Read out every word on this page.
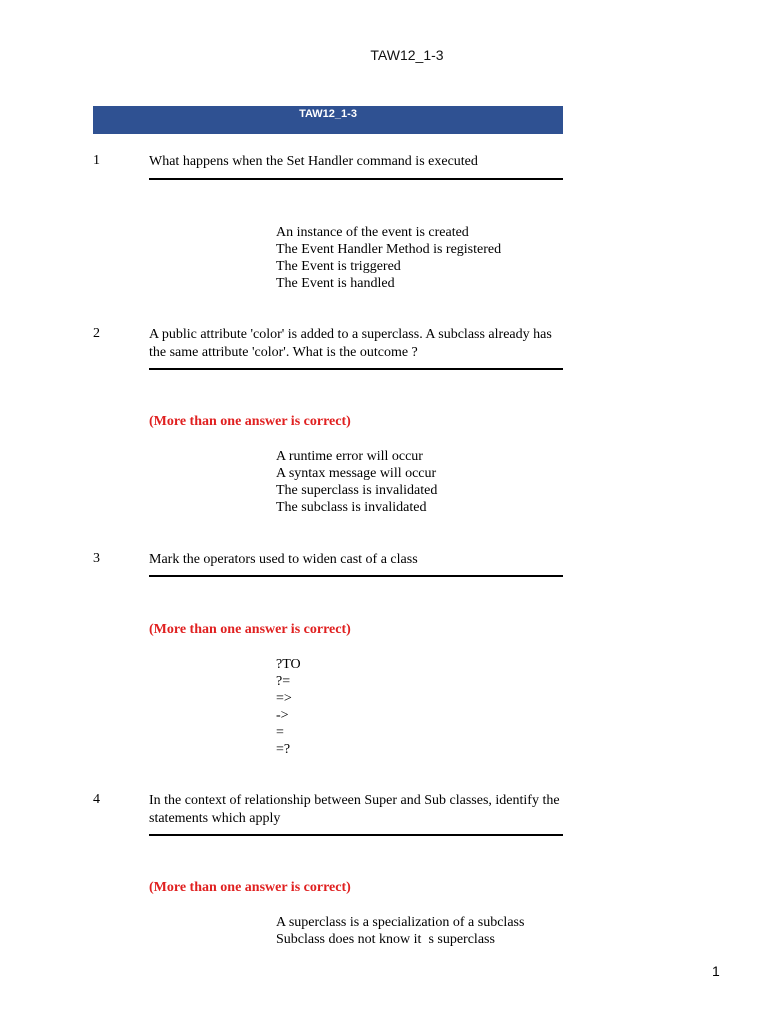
TAW12_1-3
TAW12_1-3
1	What happens when the Set Handler command is executed
An instance of the event is created
The Event Handler Method is registered
The Event is triggered
The Event is handled
2	A public attribute 'color' is added to a superclass. A subclass already has the same attribute 'color'. What is the outcome ?
(More than one answer is correct)
A runtime error will occur
A syntax message will occur
The superclass is invalidated
The subclass is invalidated
3	Mark the operators used to widen cast of a class
(More than one answer is correct)
?TO
?=
=>
->
=
=?
4	In the context of relationship between Super and Sub classes, identify the statements which apply
(More than one answer is correct)
A superclass is a specialization of a subclass
Subclass does not know it  s superclass
1
